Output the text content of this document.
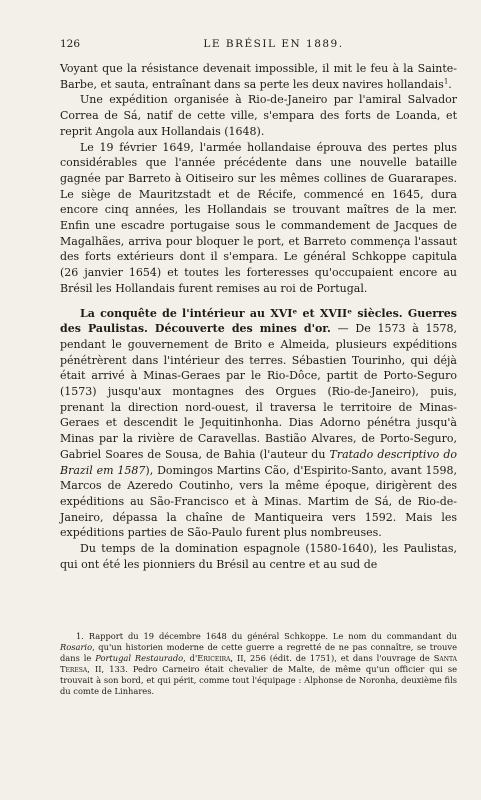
126	LE BRÉSIL EN 1889.

Voyant que la résistance devenait impossible, il mit le feu à la Sainte-Barbe, et sauta, entraînant dans sa perte les deux navires hollandais$^1$.

Une expédition organisée à Rio-de-Janeiro par l'amiral Salvador Correa de Sá, natif de cette ville, s'empara des forts de Loanda, et reprit Angola aux Hollandais (1648).

Le 19 février 1649, l'armée hollandaise éprouva des pertes plus considérables que l'année précédente dans une nouvelle bataille gagnée par Barreto à Oitiseiro sur les mêmes collines de Guararapes. Le siège de Mauritzstadt et de Récife, commencé en 1645, dura encore cinq années, les Hollandais se trouvant maîtres de la mer. Enfin une escadre portugaise sous le commandement de Jacques de Magalhães, arriva pour bloquer le port, et Barreto commença l'assaut des forts extérieurs dont il s'empara. Le général Schkoppe capitula (26 janvier 1654) et toutes les forteresses qu'occupaient encore au Brésil les Hollandais furent remises au roi de Portugal.

La conquête de l'intérieur au XVIᵉ et XVIIᵉ siècles. Guerres des Paulistas. Découverte des mines d'or. — De 1573 à 1578, pendant le gouvernement de Brito e Almeida, plusieurs expéditions pénétrèrent dans l'intérieur des terres. Sébastien Tourinho, qui déjà était arrivé à Minas-Geraes par le Rio-Dôce, partit de Porto-Seguro (1573) jusqu'aux montagnes des Orgues (Rio-de-Janeiro), puis, prenant la direction nord-ouest, il traversa le territoire de Minas-Geraes et descendit le Jequitinhonha. Dias Adorno pénétra jusqu'à Minas par la rivière de Caravellas. Bastião Alvares, de Porto-Seguro, Gabriel Soares de Sousa, de Bahia (l'auteur du Tratado descriptivo do Brazil em 1587), Domingos Martins Cão, d'Espirito-Santo, avant 1598, Marcos de Azeredo Coutinho, vers la même époque, dirigèrent des expéditions au São-Francisco et à Minas. Martim de Sá, de Rio-de-Janeiro, dépassa la chaîne de Mantiqueira vers 1592. Mais les expéditions parties de São-Paulo furent plus nombreuses.

Du temps de la domination espagnole (1580-1640), les Paulistas, qui ont été les pionniers du Brésil au centre et au sud de

1. Rapport du 19 décembre 1648 du général Schkoppe. Le nom du commandant du Rosario, qu'un historien moderne de cette guerre a regretté de ne pas connaître, se trouve dans le Portugal Restaurado, d'Ericeira, II, 256 (édit. de 1751), et dans l'ouvrage de Santa Teresa, II, 133. Pedro Carneiro était chevalier de Malte, de même qu'un officier qui se trouvait à son bord, et qui périt, comme tout l'équipage : Alphonse de Noronha, deuxième fils du comte de Linhares.
